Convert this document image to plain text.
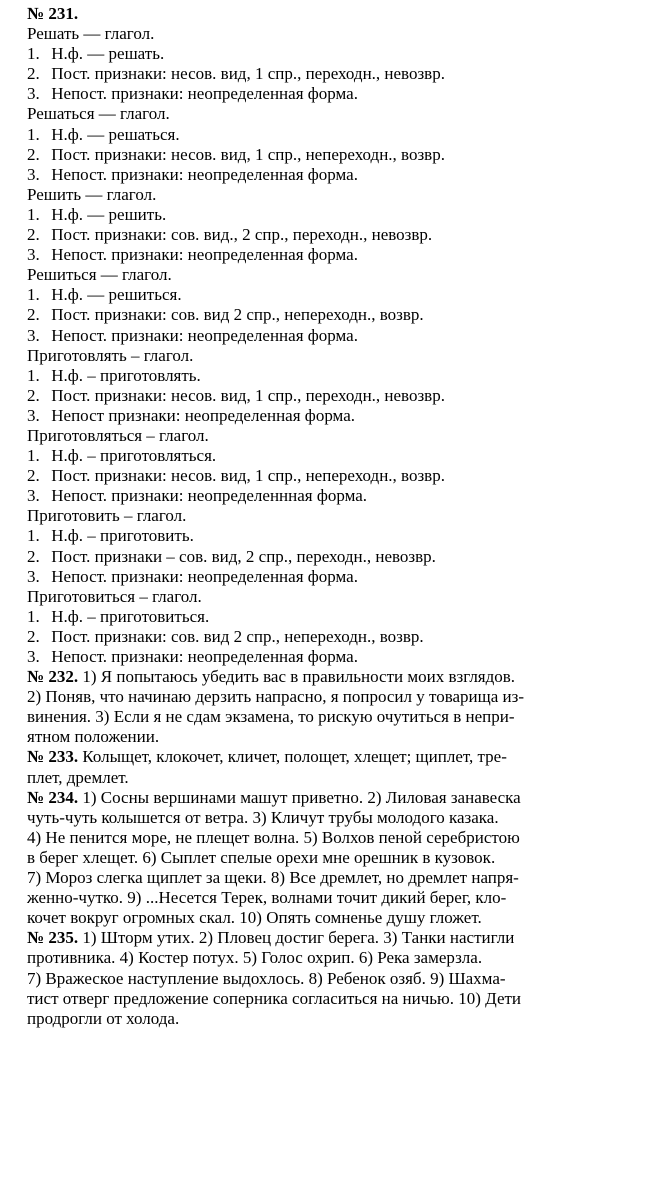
№ 231.
Решать — глагол.
1. Н.ф. — решать.
2. Пост. признаки: несов. вид, 1 спр., переходн., невозвр.
3. Непост. признаки: неопределенная форма.
Решаться — глагол.
1. Н.ф. — решаться.
2. Пост. признаки: несов. вид, 1 спр., непереходн., возвр.
3. Непост. признаки: неопределенная форма.
Решить — глагол.
1. Н.ф. — решить.
2. Пост. признаки: сов. вид., 2 спр., переходн., невозвр.
3. Непост. признаки: неопределенная форма.
Решиться — глагол.
1. Н.ф. — решиться.
2. Пост. признаки: сов. вид 2 спр., непереходн., возвр.
3. Непост. признаки: неопределенная форма.
Приготовлять – глагол.
1. Н.ф. – приготовлять.
2. Пост. признаки: несов. вид, 1 спр., переходн., невозвр.
3. Непост признаки: неопределенная форма.
Приготовляться – глагол.
1. Н.ф. – приготовляться.
2. Пост. признаки: несов. вид, 1 спр., непереходн., возвр.
3. Непост. признаки: неопределеннная форма.
Приготовить – глагол.
1. Н.ф. – приготовить.
2. Пост. признаки – сов. вид, 2 спр., переходн., невозвр.
3. Непост. признаки: неопределенная форма.
Приготовиться – глагол.
1. Н.ф. – приготовиться.
2. Пост. признаки: сов. вид 2 спр., непереходн., возвр.
3. Непост. признаки: неопределенная форма.
№ 232. 1) Я попытаюсь убедить вас в правильности моих взглядов.
2) Поняв, что начинаю дерзить напрасно, я попросил у товарища из-
винения. 3) Если я не сдам экзамена, то рискую очутиться в непри-
ятном положении.
№ 233. Колыщет, клокочет, кличет, полощет, хлещет; щиплет, тре-
плет, дремлет.
№ 234. 1) Сосны вершинами машут приветно. 2) Лиловая занавеска
чуть-чуть колышется от ветра. 3) Кличут трубы молодого казака.
4) Не пенится море, не плещет волна. 5) Волхов пеной серебристою
в берег хлещет. 6) Сыплет спелые орехи мне орешник в кузовок.
7) Мороз слегка щиплет за щеки. 8) Все дремлет, но дремлет напря-
женно-чутко. 9) ...Несется Терек, волнами точит дикий берег, кло-
кочет вокруг огромных скал. 10) Опять сомненье душу гложет.
№ 235. 1) Шторм утих. 2) Пловец достиг берега. 3) Танки настигли
противника. 4) Костер потух. 5) Голос охрип. 6) Река замерзла.
7) Вражеское наступление выдохлось. 8) Ребенок озяб. 9) Шахма-
тист отверг предложение соперника согласиться на ничью. 10) Дети
продрогли от холода.
